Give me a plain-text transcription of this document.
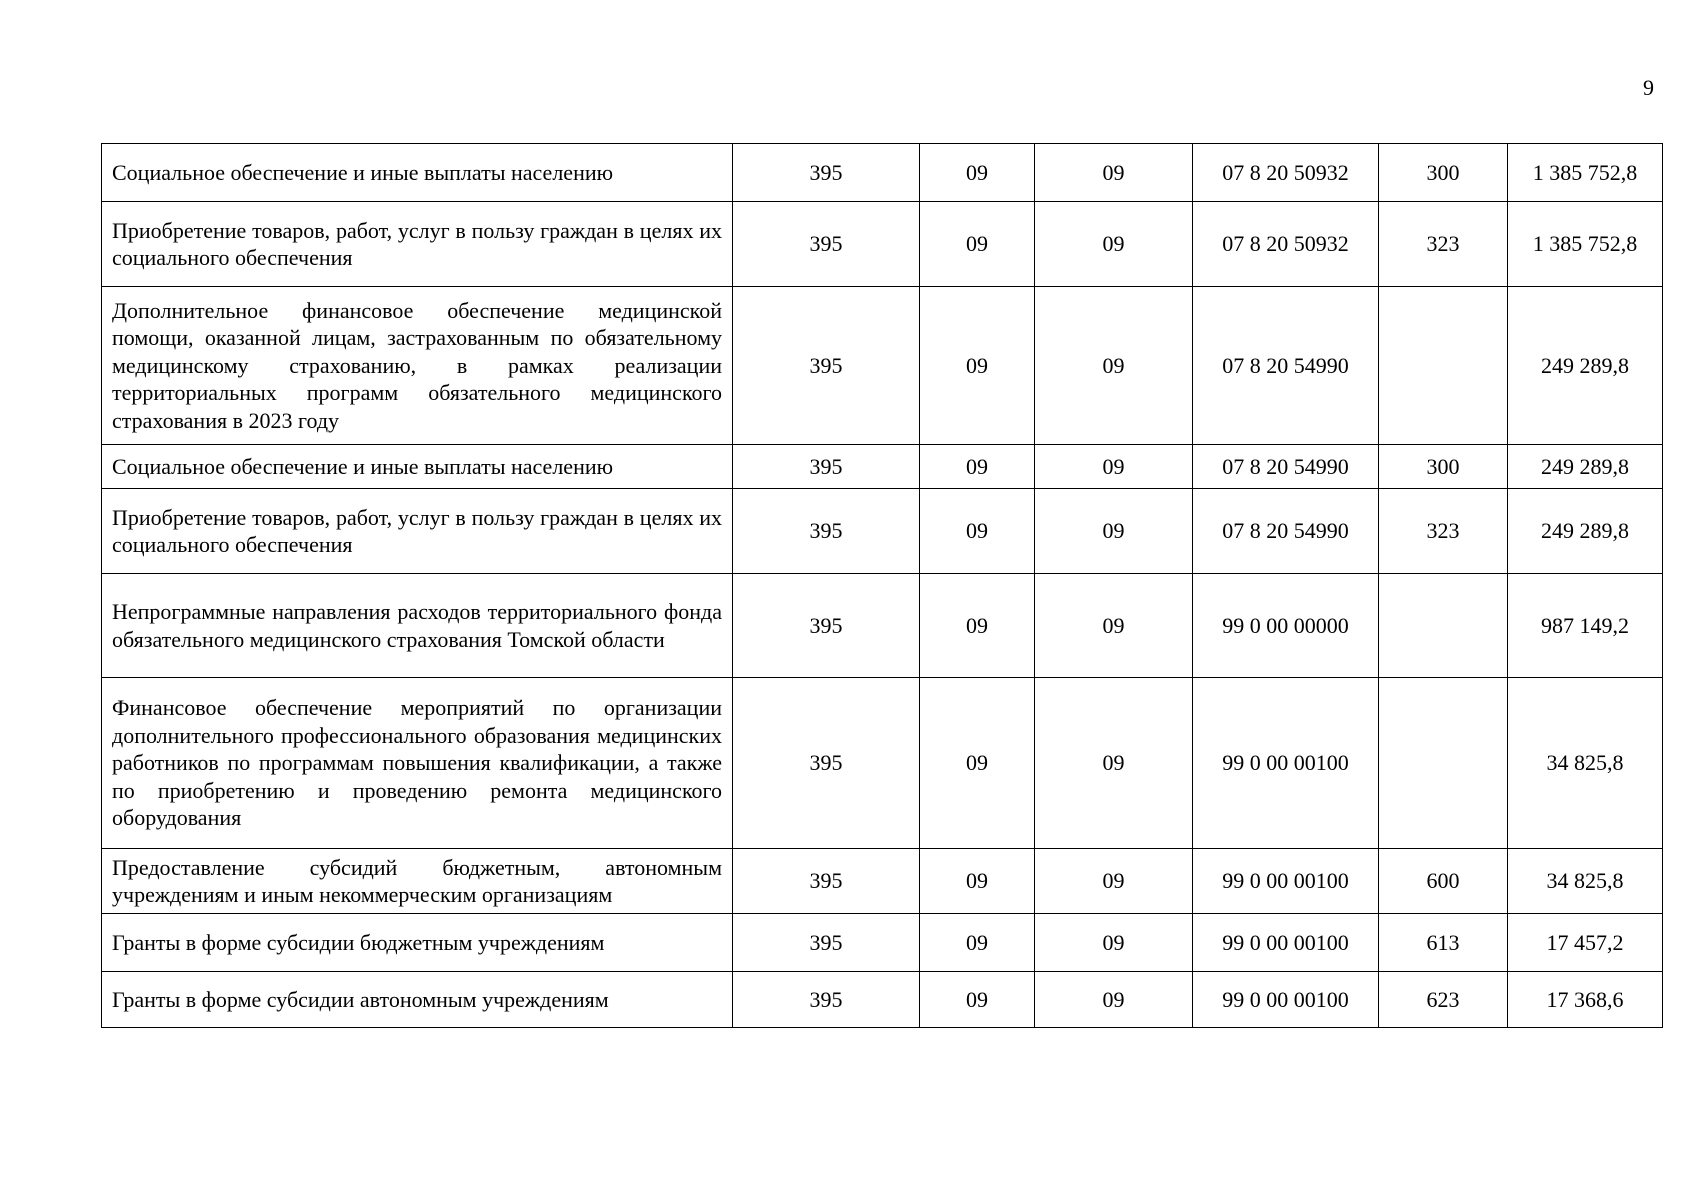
9
Социальное обеспечение и иные выплаты населению	395	09	09	07 8 20 50932	300	1 385 752,8
Приобретение товаров, работ, услуг в пользу граждан в целях их социального обеспечения	395	09	09	07 8 20 50932	323	1 385 752,8
Дополнительное финансовое обеспечение медицинской помощи, оказанной лицам, застрахованным по обязательному медицинскому страхованию, в рамках реализации территориальных программ обязательного медицинского страхования в 2023 году	395	09	09	07 8 20 54990		249 289,8
Социальное обеспечение и иные выплаты населению	395	09	09	07 8 20 54990	300	249 289,8
Приобретение товаров, работ, услуг в пользу граждан в целях их социального обеспечения	395	09	09	07 8 20 54990	323	249 289,8
Непрограммные направления расходов территориального фонда обязательного медицинского страхования Томской области	395	09	09	99 0 00 00000		987 149,2
Финансовое обеспечение мероприятий по организации дополнительного профессионального образования медицинских работников по программам повышения квалификации, а также по приобретению и проведению ремонта медицинского оборудования	395	09	09	99 0 00 00100		34 825,8
Предоставление субсидий бюджетным, автономным учреждениям и иным некоммерческим организациям	395	09	09	99 0 00 00100	600	34 825,8
Гранты в форме субсидии бюджетным учреждениям	395	09	09	99 0 00 00100	613	17 457,2
Гранты в форме субсидии автономным учреждениям	395	09	09	99 0 00 00100	623	17 368,6
